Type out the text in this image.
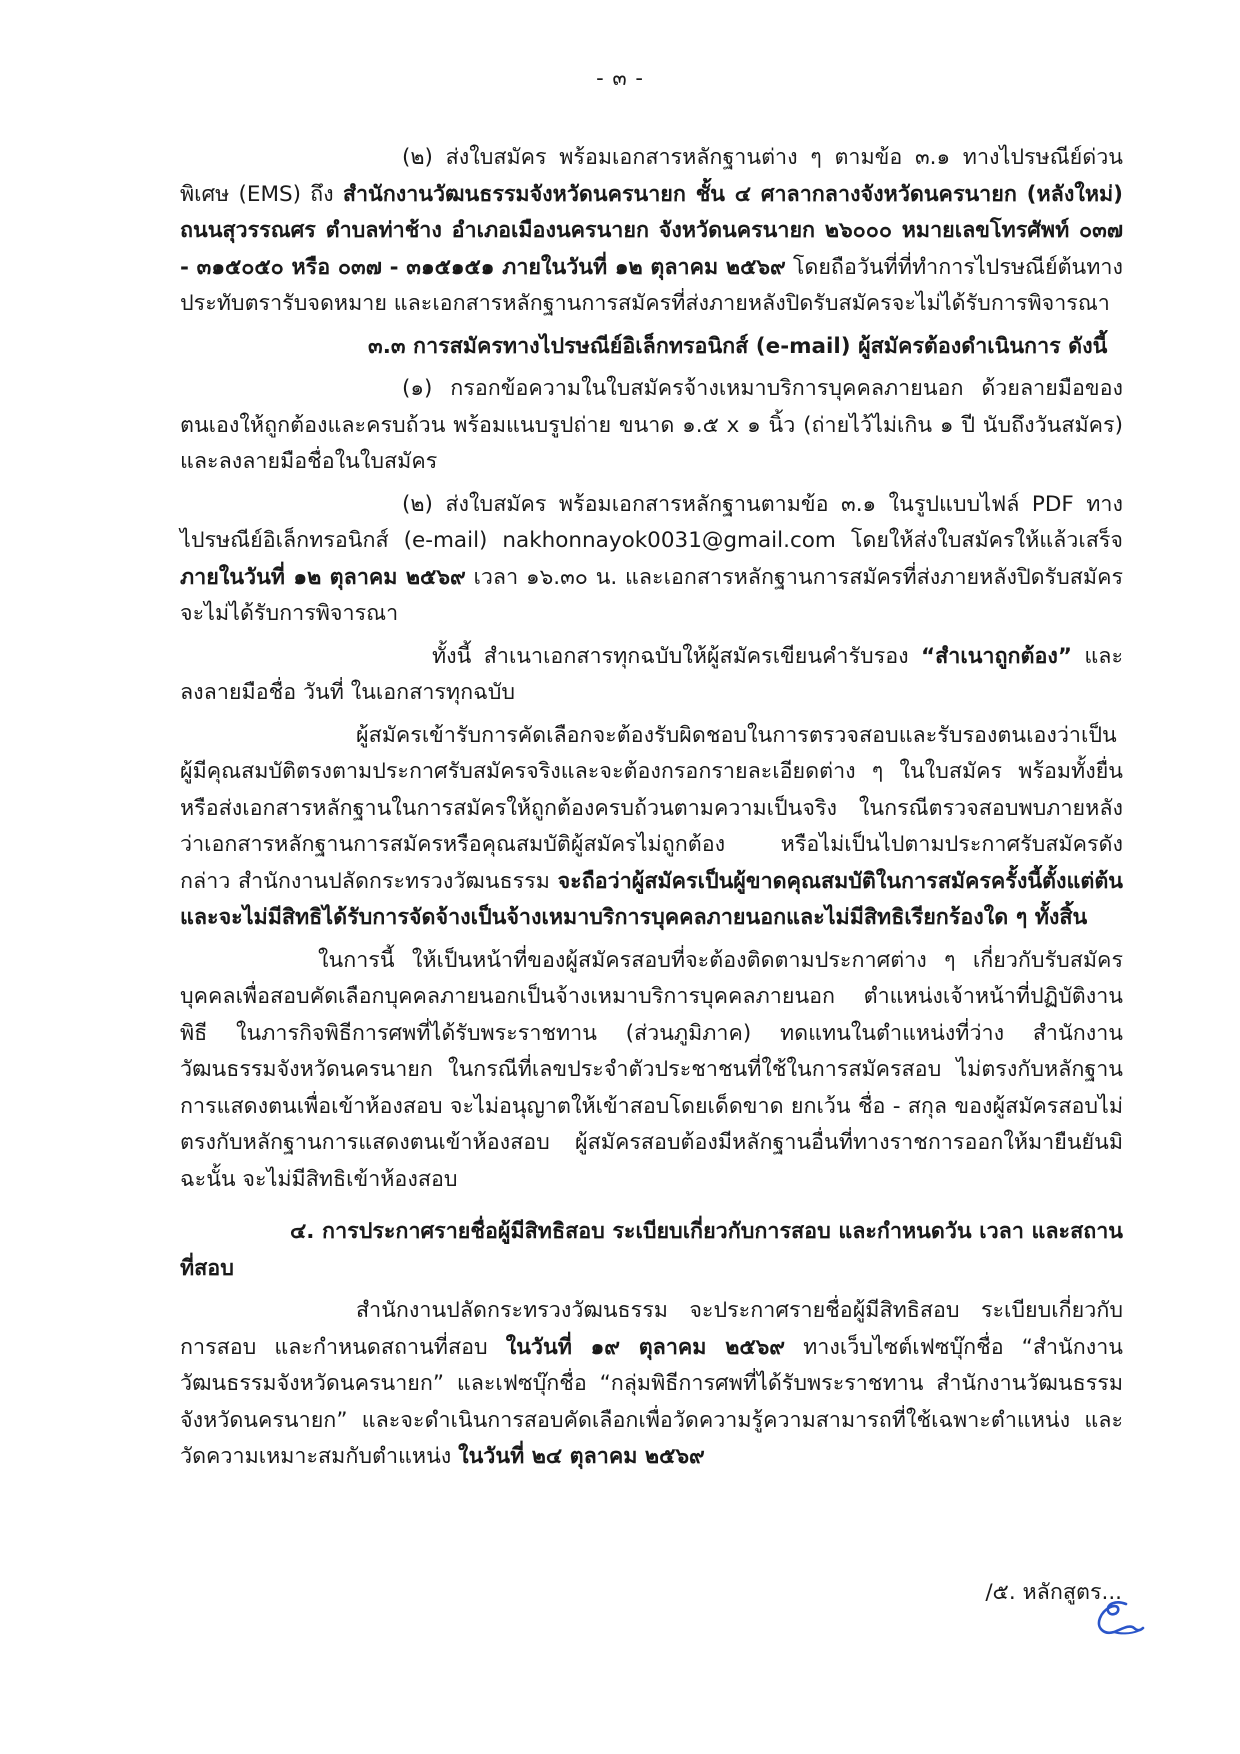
- ๓ -

(๒) ส่งใบสมัคร พร้อมเอกสารหลักฐานต่าง ๆ ตามข้อ ๓.๑ ทางไปรษณีย์ด่วนพิเศษ (EMS) ถึง สำนักงานวัฒนธรรมจังหวัดนครนายก ชั้น ๔ ศาลากลางจังหวัดนครนายก (หลังใหม่) ถนนสุวรรณศร ตำบลท่าช้าง อำเภอเมืองนครนายก จังหวัดนครนายก ๒๖๐๐๐ หมายเลขโทรศัพท์ ๐๓๗ - ๓๑๕๐๕๐ หรือ ๐๓๗ - ๓๑๕๑๕๑ ภายในวันที่ ๑๒ ตุลาคม ๒๕๖๙ โดยถือวันที่ที่ทำการไปรษณีย์ต้นทางประทับตรารับจดหมาย และเอกสารหลักฐานการสมัครที่ส่งภายหลังปิดรับสมัครจะไม่ได้รับการพิจารณา

๓.๓ การสมัครทางไปรษณีย์อิเล็กทรอนิกส์ (e-mail) ผู้สมัครต้องดำเนินการ ดังนี้

(๑) กรอกข้อความในใบสมัครจ้างเหมาบริการบุคคลภายนอก ด้วยลายมือของตนเองให้ถูกต้องและครบถ้วน พร้อมแนบรูปถ่าย ขนาด ๑.๕ x ๑ นิ้ว (ถ่ายไว้ไม่เกิน ๑ ปี นับถึงวันสมัคร) และลงลายมือชื่อในใบสมัคร

(๒) ส่งใบสมัคร พร้อมเอกสารหลักฐานตามข้อ ๓.๑ ในรูปแบบไฟล์ PDF ทางไปรษณีย์อิเล็กทรอนิกส์ (e-mail) nakhonnayok0031@gmail.com โดยให้ส่งใบสมัครให้แล้วเสร็จ ภายในวันที่ ๑๒ ตุลาคม ๒๕๖๙ เวลา ๑๖.๓๐ น. และเอกสารหลักฐานการสมัครที่ส่งภายหลังปิดรับสมัคร จะไม่ได้รับการพิจารณา

ทั้งนี้ สำเนาเอกสารทุกฉบับให้ผู้สมัครเขียนคำรับรอง “สำเนาถูกต้อง” และลงลายมือชื่อ วันที่ ในเอกสารทุกฉบับ

ผู้สมัครเข้ารับการคัดเลือกจะต้องรับผิดชอบในการตรวจสอบและรับรองตนเองว่าเป็นผู้มีคุณสมบัติตรงตามประกาศรับสมัครจริงและจะต้องกรอกรายละเอียดต่าง ๆ ในใบสมัคร พร้อมทั้งยื่นหรือส่งเอกสารหลักฐานในการสมัครให้ถูกต้องครบถ้วนตามความเป็นจริง ในกรณีตรวจสอบพบภายหลังว่าเอกสารหลักฐานการสมัครหรือคุณสมบัติผู้สมัครไม่ถูกต้อง หรือไม่เป็นไปตามประกาศรับสมัครดังกล่าว สำนักงานปลัดกระทรวงวัฒนธรรม จะถือว่าผู้สมัครเป็นผู้ขาดคุณสมบัติในการสมัครครั้งนี้ตั้งแต่ต้นและจะไม่มีสิทธิได้รับการจัดจ้างเป็นจ้างเหมาบริการบุคคลภายนอกและไม่มีสิทธิเรียกร้องใด ๆ ทั้งสิ้น

ในการนี้ ให้เป็นหน้าที่ของผู้สมัครสอบที่จะต้องติดตามประกาศต่าง ๆ เกี่ยวกับรับสมัครบุคคลเพื่อสอบคัดเลือกบุคคลภายนอกเป็นจ้างเหมาบริการบุคคลภายนอก ตำแหน่งเจ้าหน้าที่ปฏิบัติงานพิธี ในภารกิจพิธีการศพที่ได้รับพระราชทาน (ส่วนภูมิภาค) ทดแทนในตำแหน่งที่ว่าง สำนักงานวัฒนธรรมจังหวัดนครนายก ในกรณีที่เลขประจำตัวประชาชนที่ใช้ในการสมัครสอบ ไม่ตรงกับหลักฐานการแสดงตนเพื่อเข้าห้องสอบ จะไม่อนุญาตให้เข้าสอบโดยเด็ดขาด ยกเว้น ชื่อ - สกุล ของผู้สมัครสอบไม่ตรงกับหลักฐานการแสดงตนเข้าห้องสอบ ผู้สมัครสอบต้องมีหลักฐานอื่นที่ทางราชการออกให้มายืนยันมิฉะนั้น จะไม่มีสิทธิเข้าห้องสอบ

๔. การประกาศรายชื่อผู้มีสิทธิสอบ ระเบียบเกี่ยวกับการสอบ และกำหนดวัน เวลา และสถานที่สอบ

สำนักงานปลัดกระทรวงวัฒนธรรม จะประกาศรายชื่อผู้มีสิทธิสอบ ระเบียบเกี่ยวกับการสอบ และกำหนดสถานที่สอบ ในวันที่ ๑๙ ตุลาคม ๒๕๖๙ ทางเว็บไซต์เฟซบุ๊กชื่อ “สำนักงานวัฒนธรรมจังหวัดนครนายก” และเฟซบุ๊กชื่อ “กลุ่มพิธีการศพที่ได้รับพระราชทาน สำนักงานวัฒนธรรมจังหวัดนครนายก” และจะดำเนินการสอบคัดเลือกเพื่อวัดความรู้ความสามารถที่ใช้เฉพาะตำแหน่ง และวัดความเหมาะสมกับตำแหน่ง ในวันที่ ๒๔ ตุลาคม ๒๕๖๙

/๕. หลักสูตร...
